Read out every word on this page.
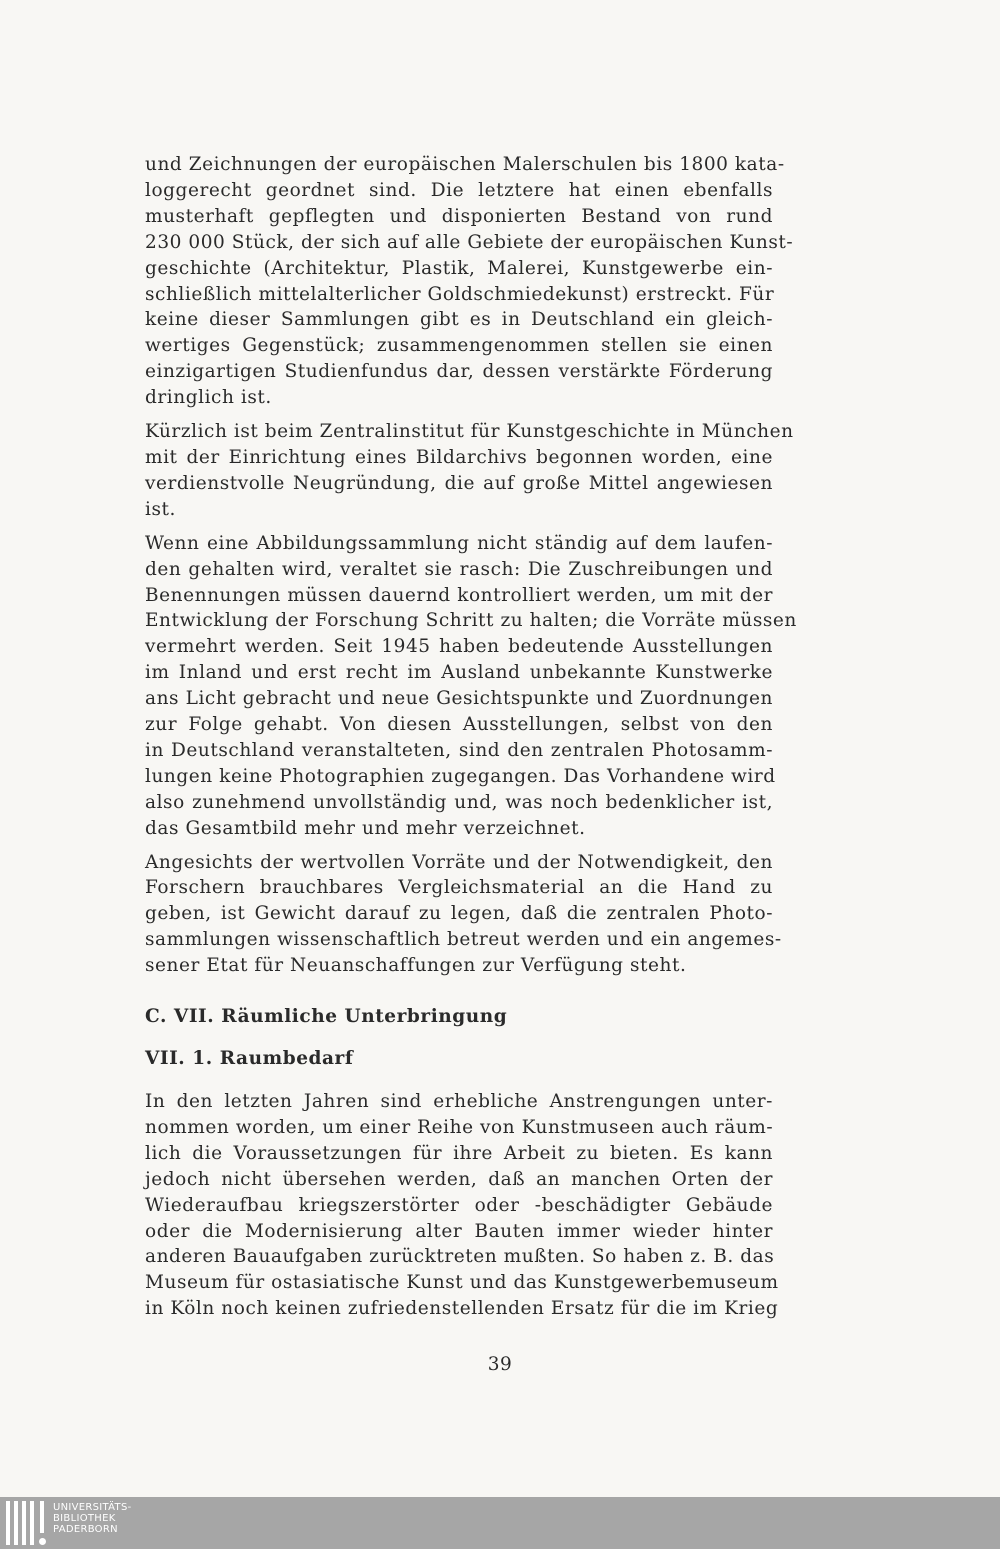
und Zeichnungen der europäischen Malerschulen bis 1800 kata-
loggerecht geordnet sind. Die letztere hat einen ebenfalls
musterhaft gepflegten und disponierten Bestand von rund
230 000 Stück, der sich auf alle Gebiete der europäischen Kunst-
geschichte (Architektur, Plastik, Malerei, Kunstgewerbe ein-
schließlich mittelalterlicher Goldschmiedekunst) erstreckt. Für
keine dieser Sammlungen gibt es in Deutschland ein gleich-
wertiges Gegenstück; zusammengenommen stellen sie einen
einzigartigen Studienfundus dar, dessen verstärkte Förderung
dringlich ist.

Kürzlich ist beim Zentralinstitut für Kunstgeschichte in München
mit der Einrichtung eines Bildarchivs begonnen worden, eine
verdienstvolle Neugründung, die auf große Mittel angewiesen
ist.

Wenn eine Abbildungssammlung nicht ständig auf dem laufen-
den gehalten wird, veraltet sie rasch: Die Zuschreibungen und
Benennungen müssen dauernd kontrolliert werden, um mit der
Entwicklung der Forschung Schritt zu halten; die Vorräte müssen
vermehrt werden. Seit 1945 haben bedeutende Ausstellungen
im Inland und erst recht im Ausland unbekannte Kunstwerke
ans Licht gebracht und neue Gesichtspunkte und Zuordnungen
zur Folge gehabt. Von diesen Ausstellungen, selbst von den
in Deutschland veranstalteten, sind den zentralen Photosamm-
lungen keine Photographien zugegangen. Das Vorhandene wird
also zunehmend unvollständig und, was noch bedenklicher ist,
das Gesamtbild mehr und mehr verzeichnet.

Angesichts der wertvollen Vorräte und der Notwendigkeit, den
Forschern brauchbares Vergleichsmaterial an die Hand zu
geben, ist Gewicht darauf zu legen, daß die zentralen Photo-
sammlungen wissenschaftlich betreut werden und ein angemes-
sener Etat für Neuanschaffungen zur Verfügung steht.

C. VII. Räumliche Unterbringung
VII. 1. Raumbedarf

In den letzten Jahren sind erhebliche Anstrengungen unter-
nommen worden, um einer Reihe von Kunstmuseen auch räum-
lich die Voraussetzungen für ihre Arbeit zu bieten. Es kann
jedoch nicht übersehen werden, daß an manchen Orten der
Wiederaufbau kriegszerstörter oder -beschädigter Gebäude
oder die Modernisierung alter Bauten immer wieder hinter
anderen Bauaufgaben zurücktreten mußten. So haben z. B. das
Museum für ostasiatische Kunst und das Kunstgewerbemuseum
in Köln noch keinen zufriedenstellenden Ersatz für die im Krieg

39
UNIVERSITÄTS-
BIBLIOTHEK
PADERBORN
